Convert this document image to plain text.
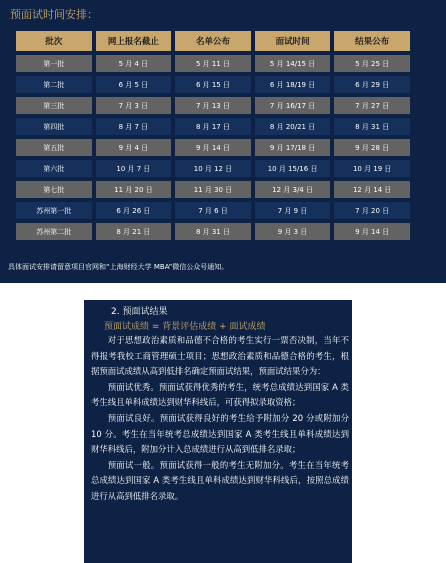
预面试时间安排：
批次	网上报名截止	名单公布	面试时间	结果公布
第一批	5 月 4 日	5 月 11 日	5 月 14/15 日	5 月 25 日
第二批	6 月 5 日	6 月 15 日	6 月 18/19 日	6 月 29 日
第三批	7 月 3 日	7 月 13 日	7 月 16/17 日	7 月 27 日
第四批	8 月 7 日	8 月 17 日	8 月 20/21 日	8 月 31 日
第五批	9 月 4 日	9 月 14 日	9 月 17/18 日	9 月 28 日
第六批	10 月 7 日	10 月 12 日	10 月 15/16 日	10 月 19 日
第七批	11 月 20 日	11 月 30 日	12 月 3/4 日	12 月 14 日
苏州第一批	6 月 26 日	7 月 6 日	7 月 9 日	7 月 20 日
苏州第二批	8 月 21 日	8 月 31 日	9 月 3 日	9 月 14 日
具体面试安排请留意项目官网和“上海财经大学 MBA”微信公众号通知。
2. 预面试结果
预面试成绩 = 背景评估成绩 + 面试成绩

对于思想政治素质和品德不合格的考生实行一票否决制，当年不得报考我校工商管理硕士项目；思想政治素质和品德合格的考生，根据预面试成绩从高到低排名确定预面试结果，预面试结果分为：

预面试优秀。预面试获得优秀的考生，统考总成绩达到国家 A 类考生线且单科成绩达到财华科线后，可获得拟录取资格；

预面试良好。预面试获得良好的考生给予附加分 20 分或附加分 10 分。考生在当年统考总成绩达到国家 A 类考生线且单科成绩达到财华科线后，附加分计入总成绩进行从高到低排名录取；

预面试一般。预面试获得一般的考生无附加分。考生在当年统考总成绩达到国家 A 类考生线且单科成绩达到财华科线后，按照总成绩进行从高到低排名录取。
